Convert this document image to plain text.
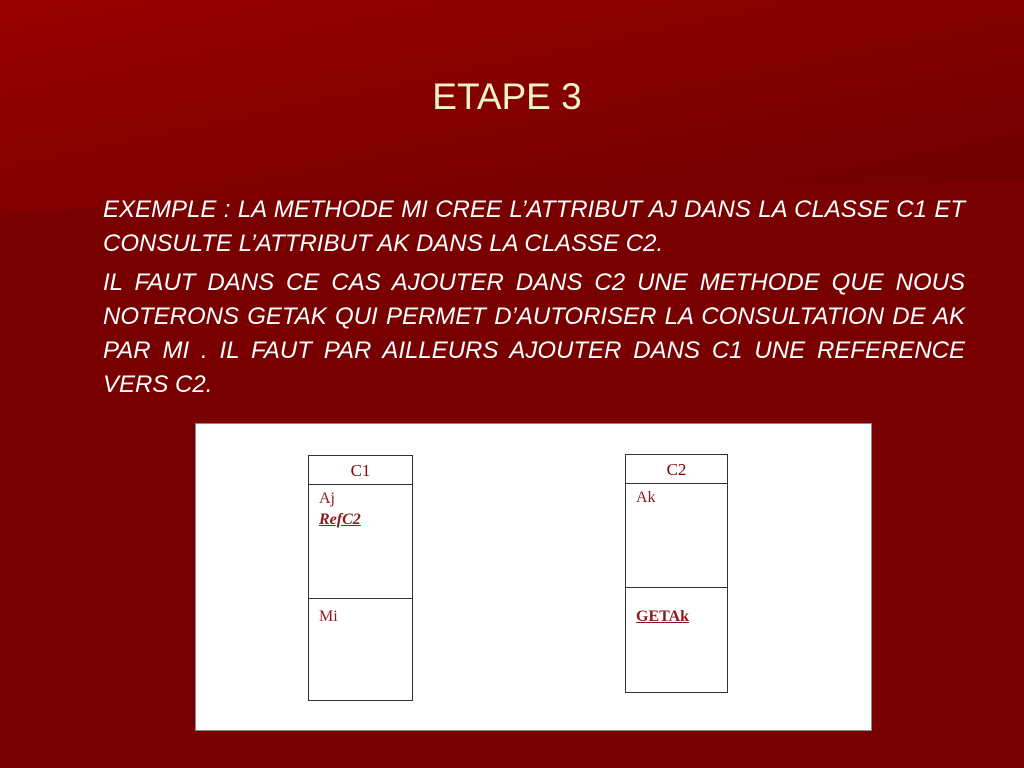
ETAPE 3
EXEMPLE : LA METHODE MI CREE L’ATTRIBUT AJ DANS LA CLASSE C1 ET CONSULTE L’ATTRIBUT AK DANS LA CLASSE C2.
IL FAUT DANS CE CAS AJOUTER DANS C2 UNE METHODE QUE NOUS NOTERONS GETAK QUI PERMET D’AUTORISER LA CONSULTATION DE AK PAR MI . IL FAUT PAR AILLEURS AJOUTER DANS C1 UNE REFERENCE VERS C2.
C1
Aj
RefC2
Mi
C2
Ak
GETAk
